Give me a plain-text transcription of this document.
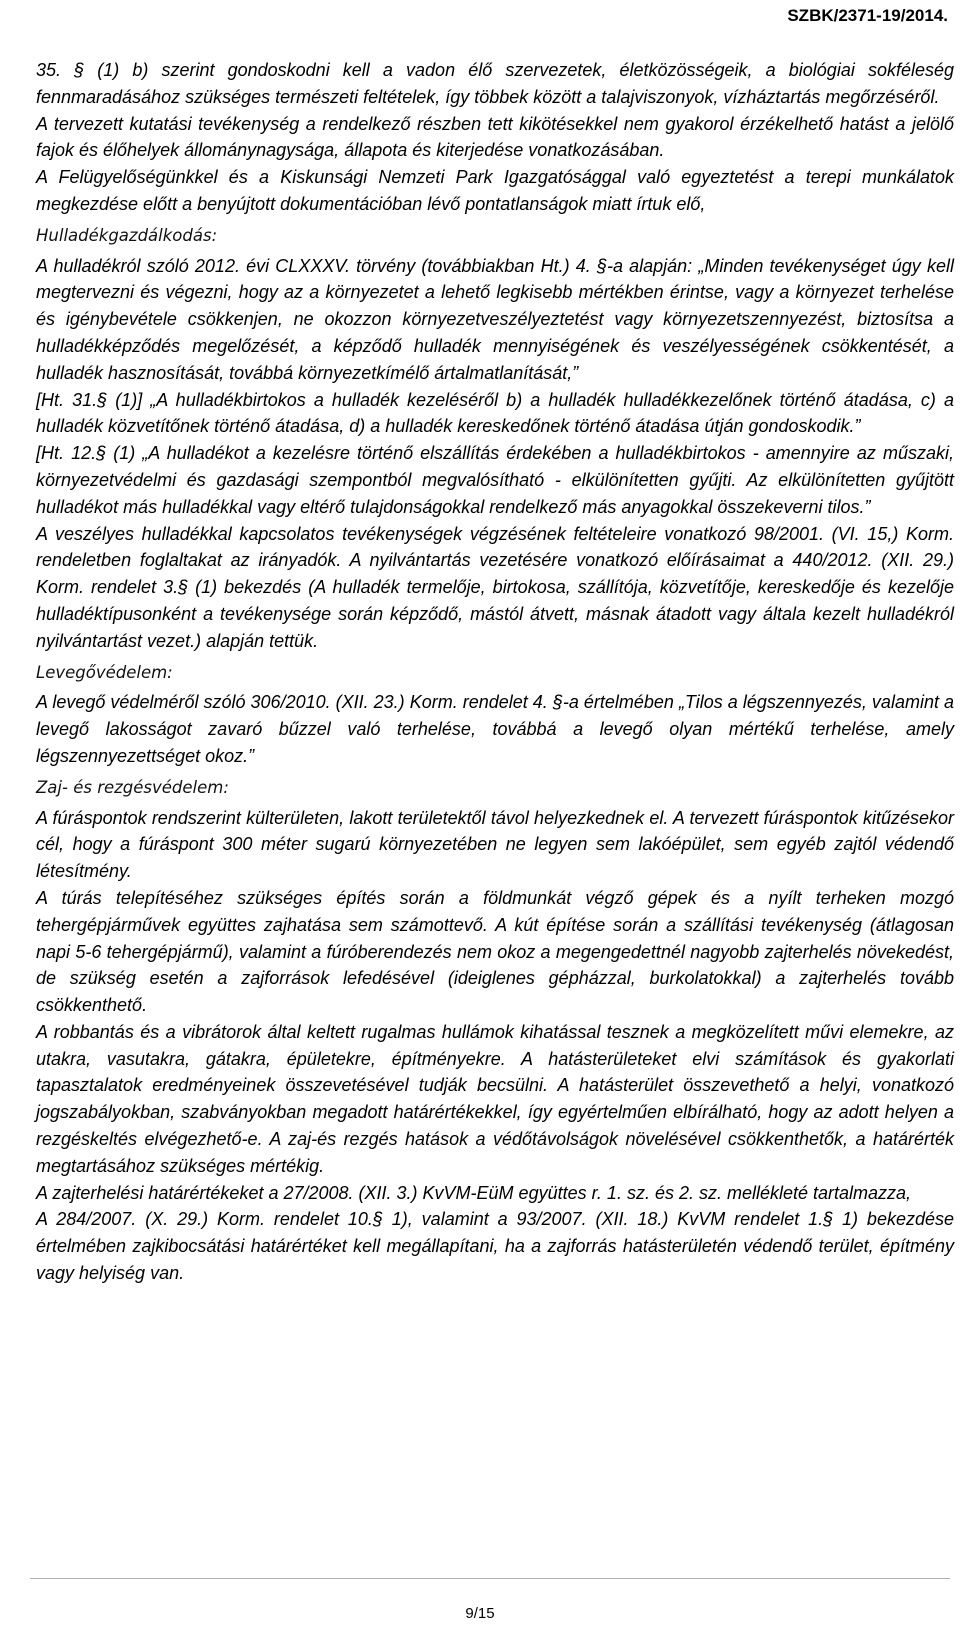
SZBK/2371-19/2014.

35. § (1) b) szerint gondoskodni kell a vadon élő szervezetek, életközösségeik, a biológiai sokféleség fennmaradásához szükséges természeti feltételek, így többek között a talajviszonyok, vízháztartás megőrzéséről.

A tervezett kutatási tevékenység a rendelkező részben tett kikötésekkel nem gyakorol érzékelhető hatást a jelölő fajok és élőhelyek állománynagysága, állapota és kiterjedése vonatkozásában.

A Felügyelőségünkkel és a Kiskunsági Nemzeti Park Igazgatósággal való egyeztetést a terepi munkálatok megkezdése előtt a benyújtott dokumentációban lévő pontatlanságok miatt írtuk elő,

Hulladékgazdálkodás:

A hulladékról szóló 2012. évi CLXXXV. törvény (továbbiakban Ht.) 4. §-a alapján: „Minden tevékenységet úgy kell megtervezni és végezni, hogy az a környezetet a lehető legkisebb mértékben érintse, vagy a környezet terhelése és igénybevétele csökkenjen, ne okozzon környezetveszélyeztetést vagy környezetszennyezést, biztosítsa a hulladékképződés megelőzését, a képződő hulladék mennyiségének és veszélyességének csökkentését, a hulladék hasznosítását, továbbá környezetkímélő ártalmatlanítását,”

[Ht. 31.§ (1)] „A hulladékbirtokos a hulladék kezeléséről b) a hulladék hulladékkezelőnek történő átadása, c) a hulladék közvetítőnek történő átadása, d) a hulladék kereskedőnek történő átadása útján gondoskodik.”

[Ht. 12.§ (1) „A hulladékot a kezelésre történő elszállítás érdekében a hulladékbirtokos - amennyire az műszaki, környezetvédelmi és gazdasági szempontból megvalósítható - elkülönítetten gyűjti. Az elkülönítetten gyűjtött hulladékot más hulladékkal vagy eltérő tulajdonságokkal rendelkező más anyagokkal összekeverni tilos.”

A veszélyes hulladékkal kapcsolatos tevékenységek végzésének feltételeire vonatkozó 98/2001. (VI. 15,) Korm. rendeletben foglaltakat az irányadók. A nyilvántartás vezetésére vonatkozó előírásaimat a 440/2012. (XII. 29.) Korm. rendelet 3.§ (1) bekezdés (A hulladék termelője, birtokosa, szállítója, közvetítője, kereskedője és kezelője hulladéktípusonként a tevékenysége során képződő, mástól átvett, másnak átadott vagy általa kezelt hulladékról nyilvántartást vezet.) alapján tettük.

Levegővédelem:

A levegő védelméről szóló 306/2010. (XII. 23.) Korm. rendelet 4. §-a értelmében „Tilos a légszennyezés, valamint a levegő lakosságot zavaró bűzzel való terhelése, továbbá a levegő olyan mértékű terhelése, amely légszennyezettséget okoz.”

Zaj- és rezgésvédelem:

A fúráspontok rendszerint külterületen, lakott területektől távol helyezkednek el. A tervezett fúráspontok kitűzésekor cél, hogy a fúráspont 300 méter sugarú környezetében ne legyen sem lakóépület, sem egyéb zajtól védendő létesítmény.

A túrás telepítéséhez szükséges építés során a földmunkát végző gépek és a nyílt terheken mozgó tehergépjárművek együttes zajhatása sem számottevő. A kút építése során a szállítási tevékenység (átlagosan napi 5-6 tehergépjármű), valamint a fúróberendezés nem okoz a megengedettnél nagyobb zajterhelés növekedést, de szükség esetén a zajforrások lefedésével (ideiglenes gépházzal, burkolatokkal) a zajterhelés tovább csökkenthető.

A robbantás és a vibrátorok által keltett rugalmas hullámok kihatással tesznek a megközelített művi elemekre, az utakra, vasutakra, gátakra, épületekre, építményekre. A hatásterületeket elvi számítások és gyakorlati tapasztalatok eredményeinek összevetésével tudják becsülni. A hatásterület összevethető a helyi, vonatkozó jogszabályokban, szabványokban megadott határértékekkel, így egyértelműen elbírálható, hogy az adott helyen a rezgéskeltés elvégezhető-e. A zaj-és rezgés hatások a védőtávolságok növelésével csökkenthetők, a határérték megtartásához szükséges mértékig.

A zajterhelési határértékeket a 27/2008. (XII. 3.) KvVM-EüM együttes r. 1. sz. és 2. sz. mellékleté tartalmazza,

A 284/2007. (X. 29.) Korm. rendelet 10.§ 1), valamint a 93/2007. (XII. 18.) KvVM rendelet 1.§ 1) bekezdése értelmében zajkibocsátási határértéket kell megállapítani, ha a zajforrás hatásterületén védendő terület, építmény vagy helyiség van.

9/15
